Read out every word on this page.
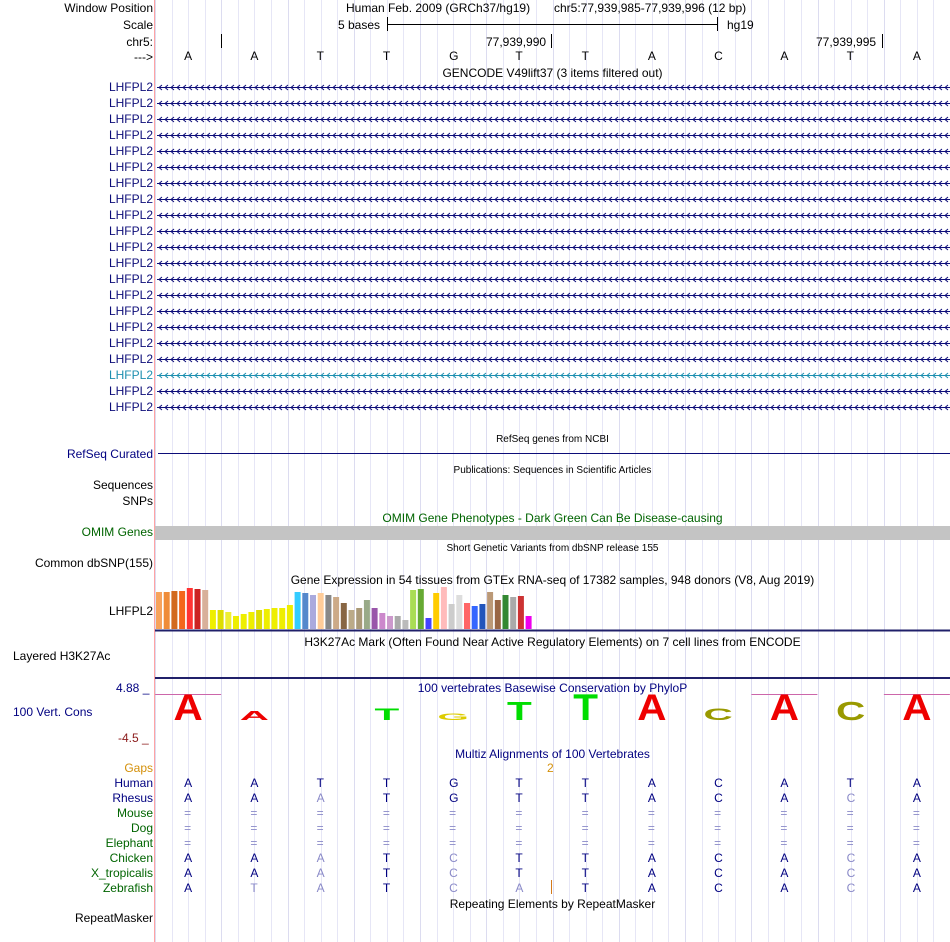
Window Position
Scale
chr5:
--->
Human Feb. 2009 (GRCh37/hg19) chr5:77,939,985-77,939,996 (12 bp)
5 bases	hg19
77,939,990	77,939,995
A	A	T	T	G	T	T	A	C	A	T	A
GENCODE V49lift37 (3 items filtered out)
LHFPL2
LHFPL2
LHFPL2
LHFPL2
LHFPL2
LHFPL2
LHFPL2
LHFPL2
LHFPL2
LHFPL2
LHFPL2
LHFPL2
LHFPL2
LHFPL2
LHFPL2
LHFPL2
LHFPL2
LHFPL2
LHFPL2
LHFPL2
LHFPL2
RefSeq genes from NCBI
RefSeq Curated
Publications: Sequences in Scientific Articles
Sequences
SNPs
OMIM Gene Phenotypes - Dark Green Can Be Disease-causing
OMIM Genes
Short Genetic Variants from dbSNP release 155
Common dbSNP(155)
Gene Expression in 54 tissues from GTEx RNA-seq of 17382 samples, 948 donors (V8, Aug 2019)
LHFPL2
H3K27Ac Mark (Often Found Near Active Regulatory Elements) on 7 cell lines from ENCODE
Layered H3K27Ac
4.88 _	100 vertebrates Basewise Conservation by PhyloP
100 Vert. Cons
-4.5 _
A A	T G T T A C A C A
Multiz Alignments of 100 Vertebrates
Gaps	2
Human	A	A	T	T	G	T	T	A	C	A	T	A
Rhesus	A	A	A	T	G	T	T	A	C	A	C	A
Mouse	=	=	=	=	=	=	=	=	=	=	=	=
Dog	=	=	=	=	=	=	=	=	=	=	=	=
Elephant	=	=	=	=	=	=	=	=	=	=	=	=
Chicken	A	A	A	T	C	T	T	A	C	A	C	A
X_tropicalis	A	A	A	T	C	T	T	A	C	A	C	A
Zebrafish	A	T	A	T	C	A	T	A	C	A	C	A
Repeating Elements by RepeatMasker
RepeatMasker
